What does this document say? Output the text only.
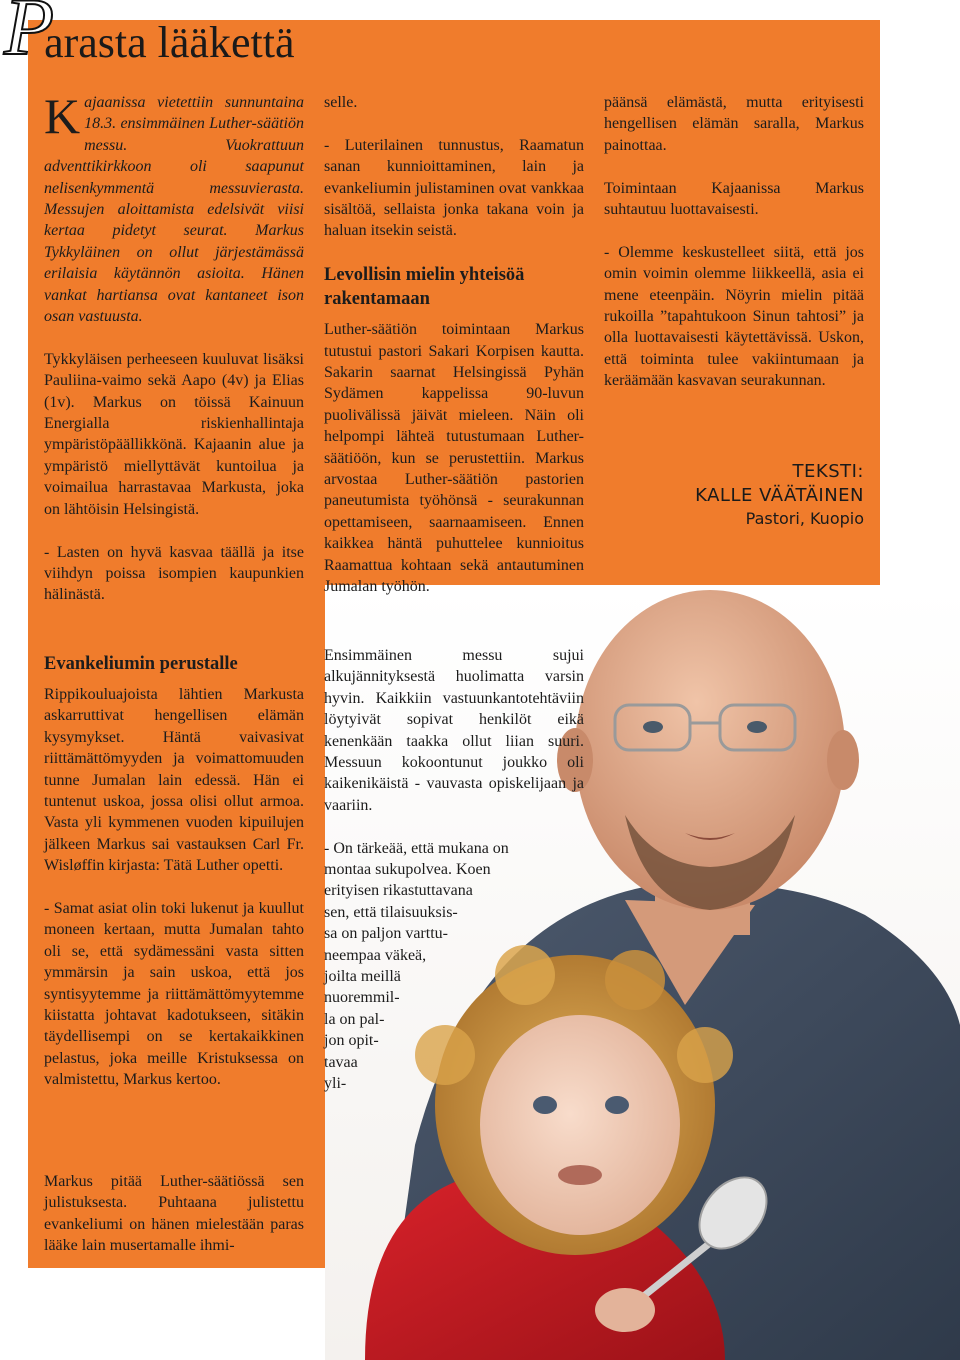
Parasta lääkettä

Kajaanissa vietettiin sunnuntaina 18.3. ensimmäinen Luther-säätiön messu. Vuokrattuun adventtikirkkoon oli saapunut nelisenkymmentä messuvierasta. Messujen aloittamista edelsivät viisi kertaa pidetyt seurat. Markus Tykkyläinen on ollut järjestämässä erilaisia käytännön asioita. Hänen vankat hartiansa ovat kantaneet ison osan vastuusta.

Tykkyläisen perheeseen kuuluvat lisäksi Pauliina-vaimo sekä Aapo (4v) ja Elias (1v). Markus on töissä Kainuun Energialla riskienhallintaja ympäristöpäällikkönä. Kajaanin alue ja ympäristö miellyttävät kuntoilua ja voimailua harrastavaa Markusta, joka on lähtöisin Helsingistä.

- Lasten on hyvä kasvaa täällä ja itse viihdyn poissa isompien kaupunkien hälinästä.

Evankeliumin perustalle

Rippikouluajoista lähtien Markusta askarruttivat hengellisen elämän kysymykset. Häntä vaivasivat riittämättömyyden ja voimattomuuden tunne Jumalan lain edessä. Hän ei tuntenut uskoa, jossa olisi ollut armoa. Vasta yli kymmenen vuoden kipuilujen jälkeen Markus sai vastauksen Carl Fr. Wisløffin kirjasta: Tätä Luther opetti.

- Samat asiat olin toki lukenut ja kuullut moneen kertaan, mutta Jumalan tahto oli se, että sydämessäni vasta sitten ymmärsin ja sain uskoa, että jos syntisyytemme ja riittämättömyytemme kiistatta johtavat kadotukseen, sitäkin täydellisempi on se kertakaikkinen pelastus, joka meille Kristuksessa on valmistettu, Markus kertoo.

Markus pitää Luther-säätiössä sen julistuksesta. Puhtaana julistettu evankeliumi on hänen mielestään paras lääke lain musertamalle ihmi-

selle.

- Luterilainen tunnustus, Raamatun sanan kunnioittaminen, lain ja evankeliumin julistaminen ovat vankkaa sisältöä, sellaista jonka takana voin ja haluan itsekin seistä.

Levollisin mielin yhteisöä rakentamaan

Luther-säätiön toimintaan Markus tutustui pastori Sakari Korpisen kautta. Sakarin saarnat Helsingissä Pyhän Sydämen kappelissa 90-luvun puolivälissä jäivät mieleen. Näin oli helpompi lähteä tutustumaan Luther-säätiöön, kun se perustettiin. Markus arvostaa Luther-säätiön pastorien paneutumista työhönsä - seurakunnan opettamiseen, saarnaamiseen. Ennen kaikkea häntä puhuttelee kunnioitus Raamattua kohtaan sekä antautuminen Jumalan työhön.

Ensimmäinen messu sujui alkujännityksestä huolimatta varsin hyvin. Kaikkiin vastuunkantotehtäviin löytyivät sopivat henkilöt eikä kenenkään taakka ollut liian suuri. Messuun kokoontunut joukko oli kaikenikäistä - vauvasta opiskelijaan ja vaariin.

- On tärkeää, että mukana on
montaa sukupolvea. Koen
erityisen rikastuttavana
sen, että tilaisuuksis-
sa on paljon varttu-
neempaa väkeä,
joilta meillä
nuoremmil-
la on pal-
jon opit-
tavaa
yli-

päänsä elämästä, mutta erityisesti hengellisen elämän saralla, Markus painottaa.

Toimintaan Kajaanissa Markus suhtautuu luottavaisesti.

- Olemme keskustelleet siitä, että jos omin voimin olemme liikkeellä, asia ei mene eteenpäin. Nöyrin mielin pitää rukoilla ”tapahtukoon Sinun tahtosi” ja olla luottavaisesti käytettävissä. Uskon, että toiminta tulee vakiintumaan ja keräämään kasvavan seurakunnan.

TEKSTI:
KALLE VÄÄTÄINEN
Pastori, Kuopio
